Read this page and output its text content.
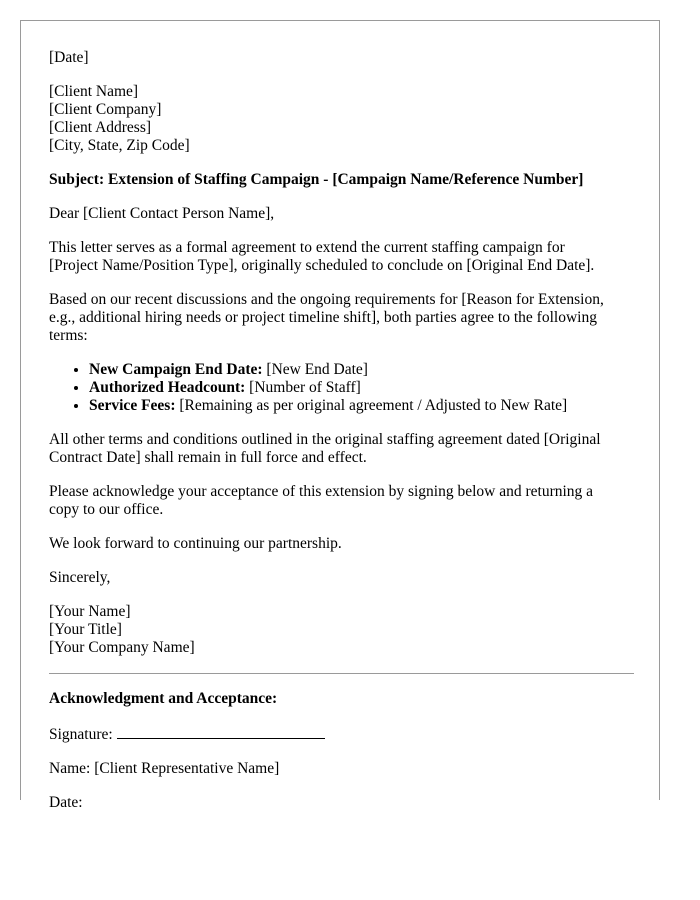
[Date]

[Client Name]
[Client Company]
[Client Address]
[City, State, Zip Code]

Subject: Extension of Staffing Campaign - [Campaign Name/Reference Number]

Dear [Client Contact Person Name],

This letter serves as a formal agreement to extend the current staffing campaign for
[Project Name/Position Type], originally scheduled to conclude on [Original End Date].

Based on our recent discussions and the ongoing requirements for [Reason for Extension,
e.g., additional hiring needs or project timeline shift], both parties agree to the following
terms:

• New Campaign End Date: [New End Date]
• Authorized Headcount: [Number of Staff]
• Service Fees: [Remaining as per original agreement / Adjusted to New Rate]

All other terms and conditions outlined in the original staffing agreement dated [Original
Contract Date] shall remain in full force and effect.

Please acknowledge your acceptance of this extension by signing below and returning a
copy to our office.

We look forward to continuing our partnership.

Sincerely,

[Your Name]
[Your Title]
[Your Company Name]

Acknowledgment and Acceptance:

Signature:

Name: [Client Representative Name]

Date:
